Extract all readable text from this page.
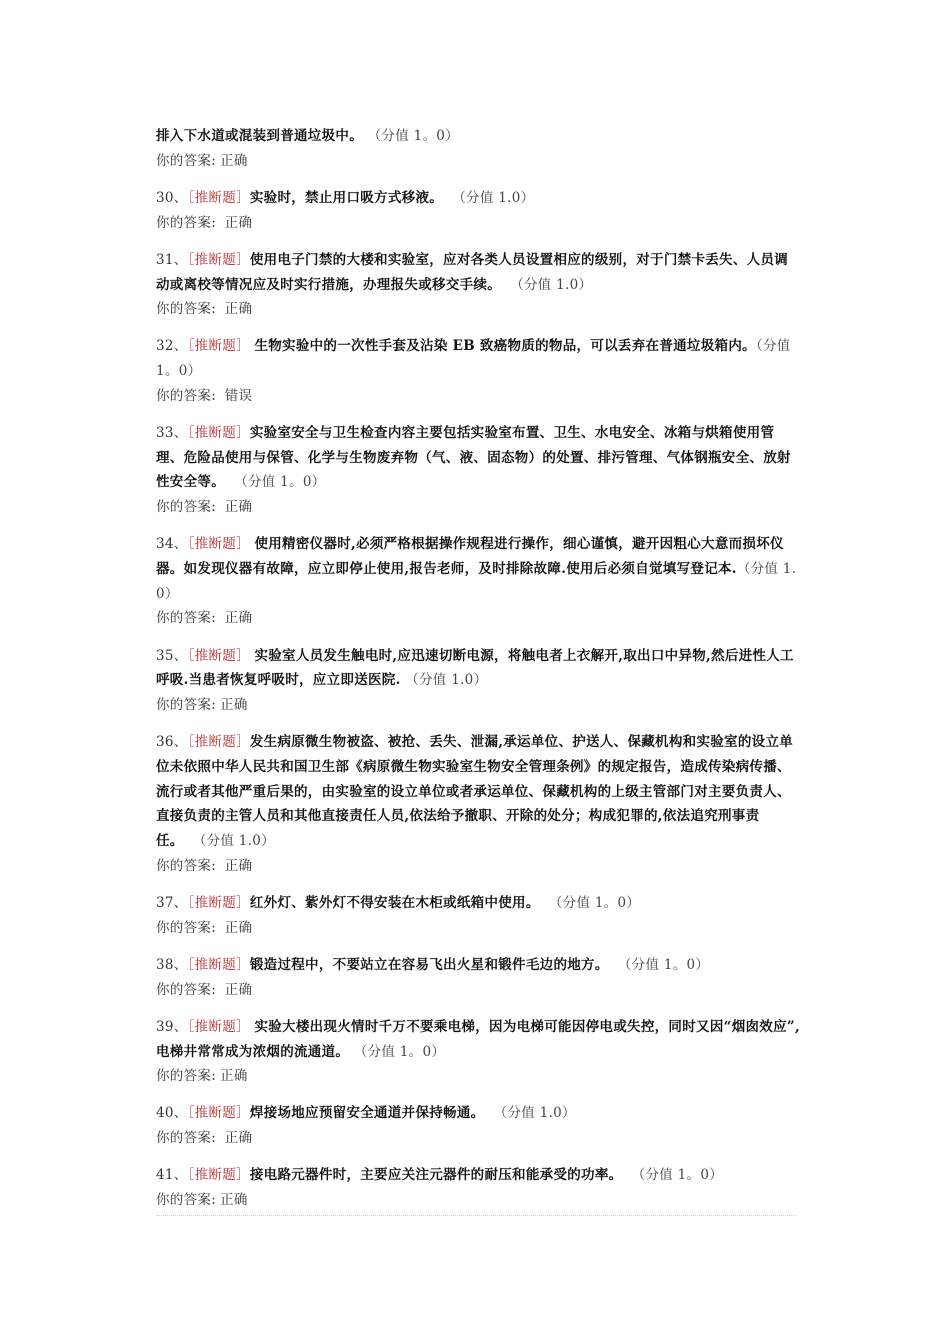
排入下水道或混装到普通垃圾中。 （分值 1。0）
你的答案: 正确
30、［推断题］实验时，禁止用口吸方式移液。 （分值 1.0）
你的答案: 正确
31、［推断题］使用电子门禁的大楼和实验室，应对各类人员设置相应的级别，对于门禁卡丢失、人员调动或离校等情况应及时实行措施，办理报失或移交手续。 （分值 1.0）
你的答案: 正确
32、［推断题］ 生物实验中的一次性手套及沾染 EB 致癌物质的物品，可以丢弃在普通垃圾箱内。（分值 1。0）
你的答案: 错误
33、［推断题］实验室安全与卫生检查内容主要包括实验室布置、卫生、水电安全、冰箱与烘箱使用管理、危险品使用与保管、化学与生物废弃物（气、液、固态物）的处置、排污管理、气体钢瓶安全、放射性安全等。 （分值 1。0）
你的答案: 正确
34、［推断题］ 使用精密仪器时,必须严格根据操作规程进行操作，细心谨慎，避开因粗心大意而损坏仪器。如发现仪器有故障，应立即停止使用,报告老师，及时排除故障.使用后必须自觉填写登记本.（分值 1.0）
你的答案: 正确
35、［推断题］ 实验室人员发生触电时,应迅速切断电源，将触电者上衣解开,取出口中异物,然后进性人工呼吸.当患者恢复呼吸时，应立即送医院. （分值 1.0）
你的答案: 正确
36、［推断题］发生病原微生物被盗、被抢、丢失、泄漏,承运单位、护送人、保藏机构和实验室的设立单位未依照中华人民共和国卫生部《病原微生物实验室生物安全管理条例》的规定报告，造成传染病传播、流行或者其他严重后果的，由实验室的设立单位或者承运单位、保藏机构的上级主管部门对主要负责人、直接负责的主管人员和其他直接责任人员,依法给予撤职、开除的处分；构成犯罪的,依法追究刑事责任。 （分值 1.0）
你的答案: 正确
37、［推断题］红外灯、紫外灯不得安装在木柜或纸箱中使用。 （分值 1。0）
你的答案: 正确
38、［推断题］锻造过程中，不要站立在容易飞出火星和锻件毛边的地方。 （分值 1。0）
你的答案: 正确
39、［推断题］ 实验大楼出现火情时千万不要乘电梯，因为电梯可能因停电或失控，同时又因“烟囱效应”,电梯井常常成为浓烟的流通道。 （分值 1。0）
你的答案: 正确
40、［推断题］焊接场地应预留安全通道并保持畅通。 （分值 1.0）
你的答案: 正确
41、［推断题］接电路元器件时，主要应关注元器件的耐压和能承受的功率。 （分值 1。0）
你的答案: 正确
